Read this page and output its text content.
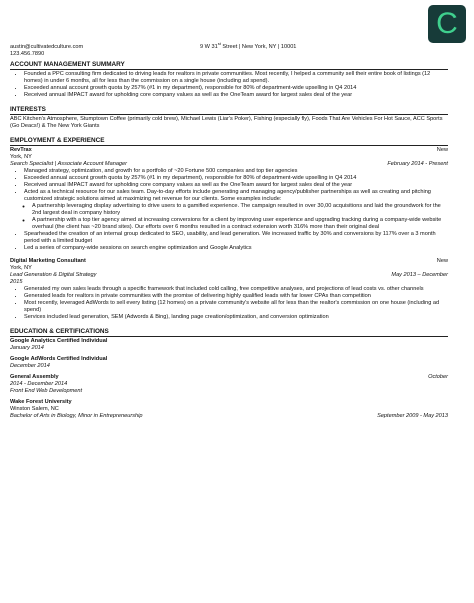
C
austin@cultivatedculture.com	9 W 31st Street | New York, NY | 10001
123.456.7890
ACCOUNT MANAGEMENT SUMMARY
• Founded a PPC consulting firm dedicated to driving leads for realtors in private communities. Most recently, I helped a community sell their entire book of listings (12 homes) in under 6 months, all for less than the commission on a single house (including ad spend).
• Exceeded annual account growth quota by 257% (#1 in my department), responsible for 80% of department-wide upselling in Q4 2014
• Received annual IMPACT award for upholding core company values as well as the OneTeam award for largest sales deal of the year
INTERESTS

ABC Kitchen's Atmosphere, Stumptown Coffee (primarily cold brew), Michael Lewis (Liar's Poker), Fishing (especially fly), Foods That Are Vehicles For Hot Sauce, ACC Sports (Go Deacs!) & The New York Giants

EMPLOYMENT & EXPERIENCE
RevTrax	New
York, NY
Search Specialist | Associate Account Manager	February 2014 - Present
• Managed strategy, optimization, and growth for a portfolio of ~20 Fortune 500 companies and top tier agencies
• Exceeded annual account growth quota by 257% (#1 in my department), responsible for 80% of department-wide upselling in Q4 2014
• Received annual IMPACT award for upholding core company values as well as the OneTeam award for largest sales deal of the year
• Acted as a technical resource for our sales team. Day-to-day efforts include generating and managing agency/publisher partnerships as well as creating and pitching customized strategic solutions aimed at maximizing net revenue for our clients. Some examples include:
◦ A partnership leveraging display advertising to drive users to a gamified experience. The campaign resulted in over 30,00 acquisitions and laid the groundwork for the 2nd largest deal in company history
◦ A partnership with a top tier agency aimed at increasing conversions for a client by improving user experience and upgrading tracking during a company-wide website overhaul (the client has ~20 brand sites). Our efforts over 6 months resulted in a contract extension worth 316% more than their original deal
• Spearheaded the creation of an internal group dedicated to SEO, usability, and lead generation. We increased traffic by 30% and conversions by 117% over a 3 month period with a limited budget
• Led a series of company-wide sessions on search engine optimization and Google Analytics
Digital Marketing Consultant	New
York, NY
Lead Generation & Digital Strategy	May 2013 – December
2015
• Generated my own sales leads through a specific framework that included cold calling, free competitive analyses, and projections of lead costs vs. other channels
• Generated leads for realtors in private communities with the promise of delivering highly qualified leads with far lower CPAs than competition
• Most recently, leveraged AdWords to sell every listing (12 homes) on a private community's website all for less than the realtor's commission on one house (including ad spend)
• Services included lead generation, SEM (Adwords & Bing), landing page creation/optimization, and conversion optimization
EDUCATION & CERTIFICATIONS
Google Analytics Certified Individual
January 2014
Google AdWords Certified Individual
December 2014
General Assembly	October
2014 - December 2014
Front End Web Development
Wake Forest University
Winston Salem, NC
Bachelor of Arts in Biology, Minor in Entrepreneurship	September 2009 - May 2013
